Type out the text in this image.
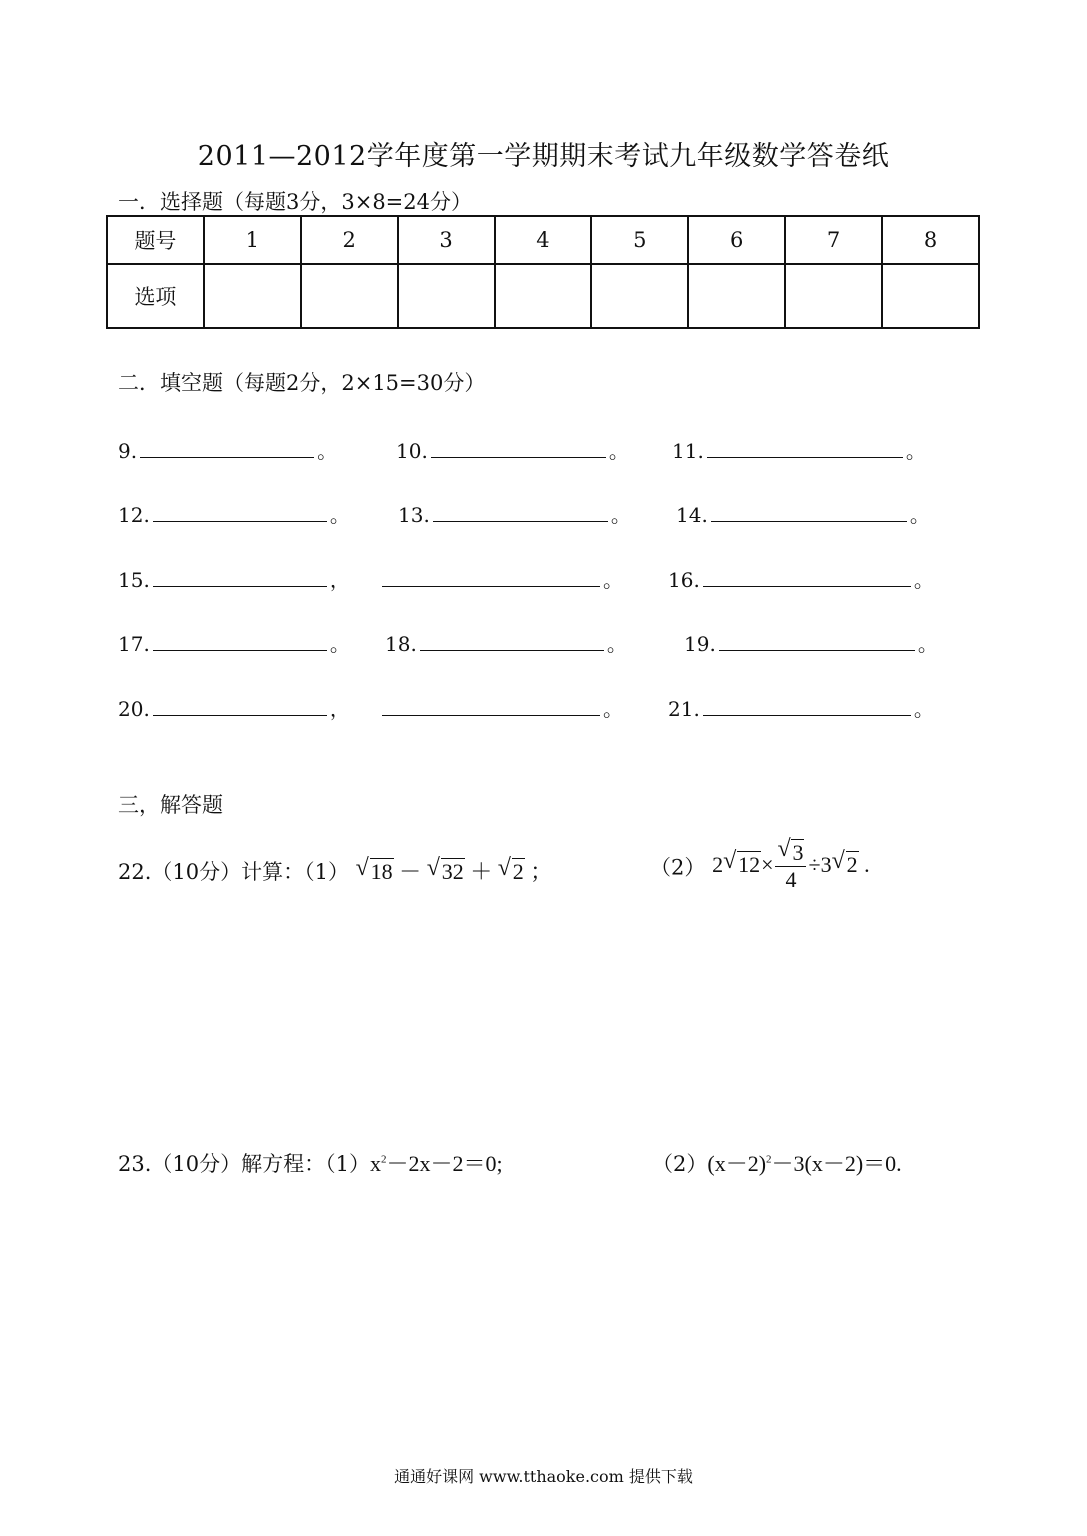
2011—2012学年度第一学期期末考试九年级数学答卷纸
一．选择题（每题3分，3×8=24分）
题号	1	2	3	4	5	6	7	8
选项								
二．填空题（每题2分，2×15=30分）
9.	。	10.	。 11.	。
12.	。 13.	。 14.	。
15.	，	。 16.	。
17.	。 18.	。	19.	。
20.	，	。 21.	。
三，解答题
22.（10分）计算：（1） √ 18 － √ 32 ＋ √ 2 ；	（2） 2 √ $12\times \frac{√ 3}{4} \div 3$ √ 2 .
23.（10分）解方程：$(1)x^2-2x-2=0$;	$(2)(x-2)^2-3(x-2)=0$.
通通好课网 www.tthaoke.com 提供下载
